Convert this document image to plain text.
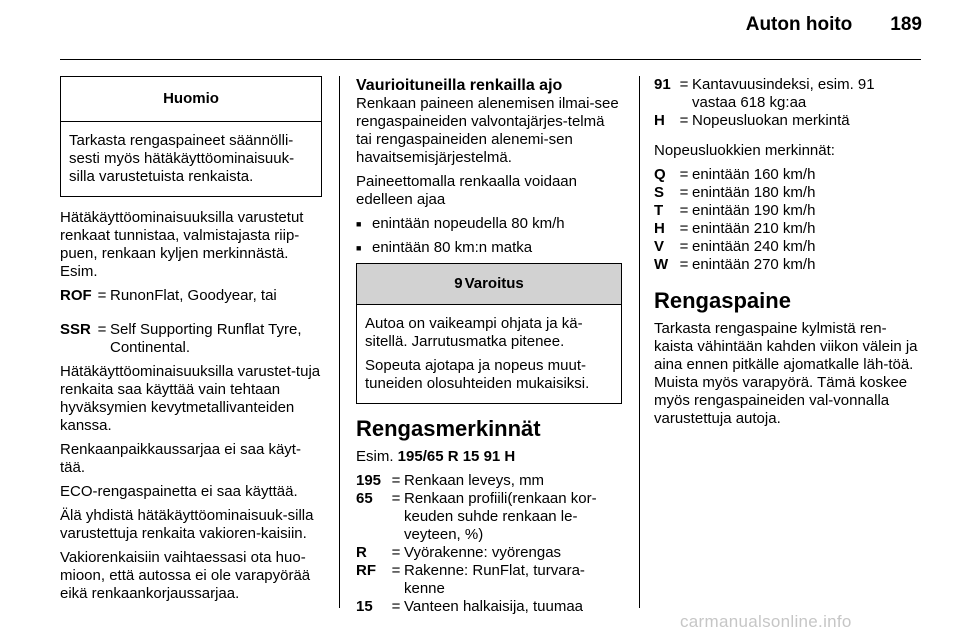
Auton hoito 189
Huomio

Tarkasta rengaspaineet säännölli-sesti myös hätäkäyttöominaisuuk-silla varustetuista renkaista.

Hätäkäyttöominaisuuksilla varustetut renkaat tunnistaa, valmistajasta riip-puen, renkaan kyljen merkinnästä. Esim.

ROF = RunonFlat, Goodyear, tai
SSR = Self Supporting Runflat Tyre, Continental.

Hätäkäyttöominaisuuksilla varustet-tuja renkaita saa käyttää vain tehtaan hyväksymien kevytmetallivanteiden kanssa.

Renkaanpaikkaussarjaa ei saa käyt-tää.

ECO-rengaspainetta ei saa käyttää.

Älä yhdistä hätäkäyttöominaisuuk-silla varustettuja renkaita vakioren-kaisiin.

Vakiorenkaisiin vaihtaessasi ota huo-mioon, että autossa ei ole varapyörää eikä renkaankorjaussarjaa.

Vaurioituneilla renkailla ajo

Renkaan paineen alenemisen ilmai-see rengaspaineiden valvontajärjes-telmä tai rengaspaineiden alenemi-sen havaitsemisjärjestelmä.

Paineettomalla renkaalla voidaan edelleen ajaa

■ enintään nopeudella 80 km/h
■ enintään 80 km:n matka
9 Varoitus

Autoa on vaikeampi ohjata ja kä-sitellä. Jarrutusmatka pitenee.

Sopeuta ajotapa ja nopeus muut-tuneiden olosuhteiden mukaisiksi.

Rengasmerkinnät

Esim. 195/65 R 15 91 H

195 = Renkaan leveys, mm
65	= Renkaan profiili(renkaan kor-keuden suhde renkaan le-veyteen, %)
R	= Vyörakenne: vyörengas
RF	= Rakenne: RunFlat, turvara-kenne
15	= Vanteen halkaisija, tuumaa
91 = Kantavuusindeksi, esim. 91 vastaa 618 kg:aa
H = Nopeusluokan merkintä

Nopeusluokkien merkinnät:

Q = enintään 160 km/h
S	= enintään 180 km/h
T	= enintään 190 km/h
H = enintään 210 km/h
V	= enintään 240 km/h
W = enintään 270 km/h
Rengaspaine

Tarkasta rengaspaine kylmistä ren-kaista vähintään kahden viikon välein ja aina ennen pitkälle ajomatkalle läh-töä. Muista myös varapyörä. Tämä koskee myös rengaspaineiden val-vonnalla varustettuja autoja.

carmanualsonline.info
